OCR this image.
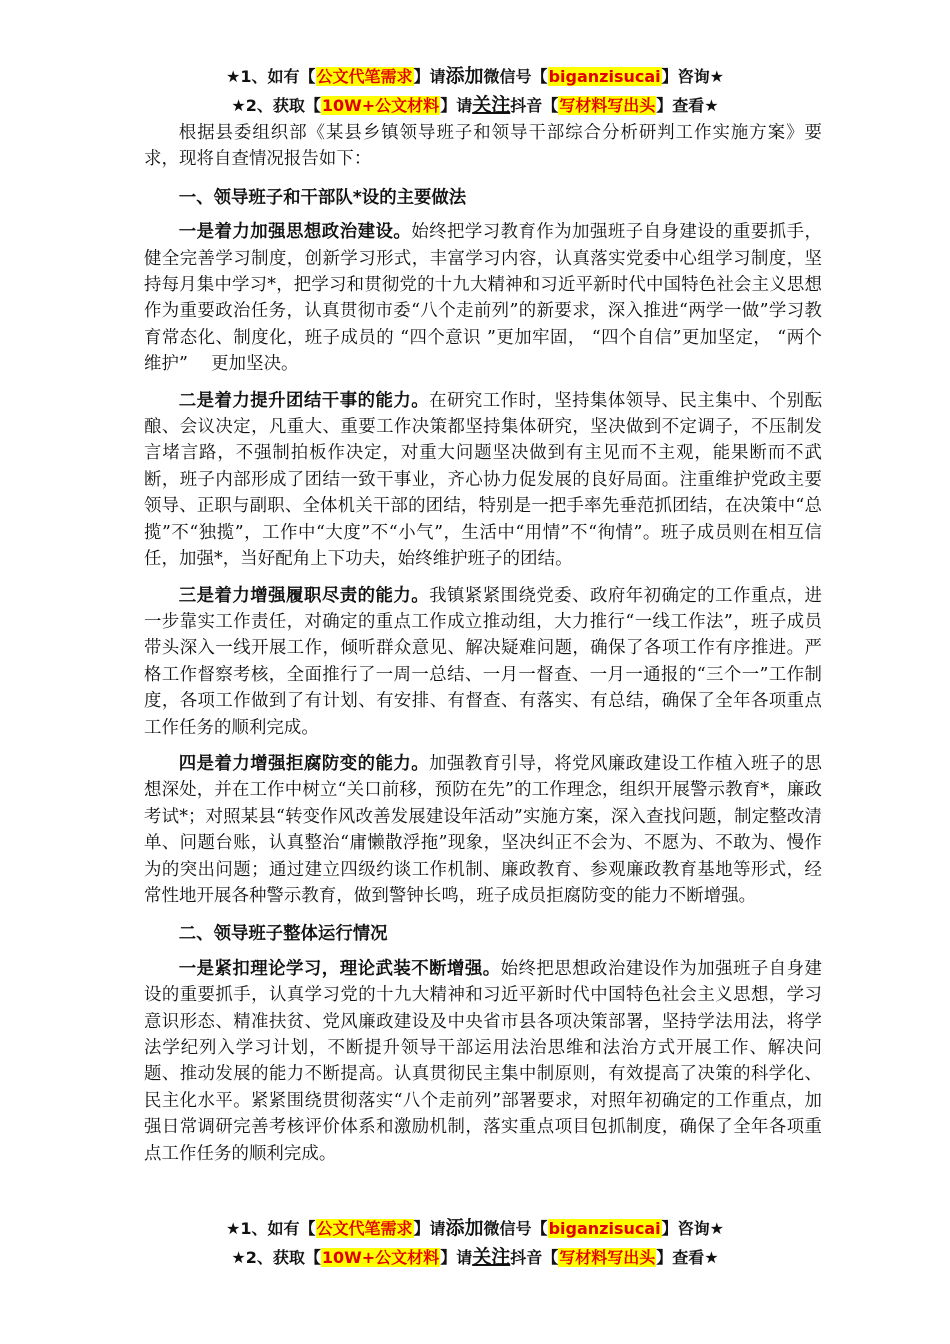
★1、如有【公文代笔需求】请添加微信号【biganzisucai】咨询★
★2、获取【10W+公文材料】请关注抖音【写材料写出头】查看★

根据县委组织部《某县乡镇领导班子和领导干部综合分析研判工作实施方案》要求，现将自查情况报告如下：

一、领导班子和干部队*设的主要做法

一是着力加强思想政治建设。始终把学习教育作为加强班子自身建设的重要抓手，健全完善学习制度，创新学习形式，丰富学习内容，认真落实党委中心组学习制度，坚持每月集中学习*，把学习和贯彻党的十九大精神和习近平新时代中国特色社会主义思想作为重要政治任务，认真贯彻市委“八个走前列”的新要求，深入推进“两学一做”学习教育常态化、制度化，班子成员的 “四个意识 ”更加牢固， “四个自信”更加坚定， “两个维护”　 更加坚决。

二是着力提升团结干事的能力。在研究工作时，坚持集体领导、民主集中、个别酝酿、会议决定，凡重大、重要工作决策都坚持集体研究，坚决做到不定调子，不压制发言堵言路，不强制拍板作决定，对重大问题坚决做到有主见而不主观，能果断而不武断，班子内部形成了团结一致干事业，齐心协力促发展的良好局面。注重维护党政主要领导、正职与副职、全体机关干部的团结，特别是一把手率先垂范抓团结，在决策中“总揽”不“独揽”，工作中“大度”不“小气”，生活中“用情”不“徇情”。班子成员则在相互信任，加强*，当好配角上下功夫，始终维护班子的团结。

三是着力增强履职尽责的能力。我镇紧紧围绕党委、政府年初确定的工作重点，进一步靠实工作责任，对确定的重点工作成立推动组，大力推行“一线工作法”，班子成员带头深入一线开展工作，倾听群众意见、解决疑难问题，确保了各项工作有序推进。严格工作督察考核，全面推行了一周一总结、一月一督查、一月一通报的“三个一”工作制度，各项工作做到了有计划、有安排、有督查、有落实、有总结，确保了全年各项重点工作任务的顺利完成。

四是着力增强拒腐防变的能力。加强教育引导，将党风廉政建设工作植入班子的思想深处，并在工作中树立“关口前移，预防在先”的工作理念，组织开展警示教育*，廉政考试*；对照某县“转变作风改善发展建设年活动”实施方案，深入查找问题，制定整改清单、问题台账，认真整治“庸懒散浮拖”现象，坚决纠正不会为、不愿为、不敢为、慢作为的突出问题；通过建立四级约谈工作机制、廉政教育、参观廉政教育基地等形式，经常性地开展各种警示教育，做到警钟长鸣，班子成员拒腐防变的能力不断增强。

二、领导班子整体运行情况

一是紧扣理论学习，理论武装不断增强。始终把思想政治建设作为加强班子自身建设的重要抓手，认真学习党的十九大精神和习近平新时代中国特色社会主义思想，学习意识形态、精准扶贫、党风廉政建设及中央省市县各项决策部署，坚持学法用法，将学法学纪列入学习计划，不断提升领导干部运用法治思维和法治方式开展工作、解决问题、推动发展的能力不断提高。认真贯彻民主集中制原则，有效提高了决策的科学化、民主化水平。紧紧围绕贯彻落实“八个走前列”部署要求，对照年初确定的工作重点，加强日常调研完善考核评价体系和激励机制，落实重点项目包抓制度，确保了全年各项重点工作任务的顺利完成。

★1、如有【公文代笔需求】请添加微信号【biganzisucai】咨询★
★2、获取【10W+公文材料】请关注抖音【写材料写出头】查看★
